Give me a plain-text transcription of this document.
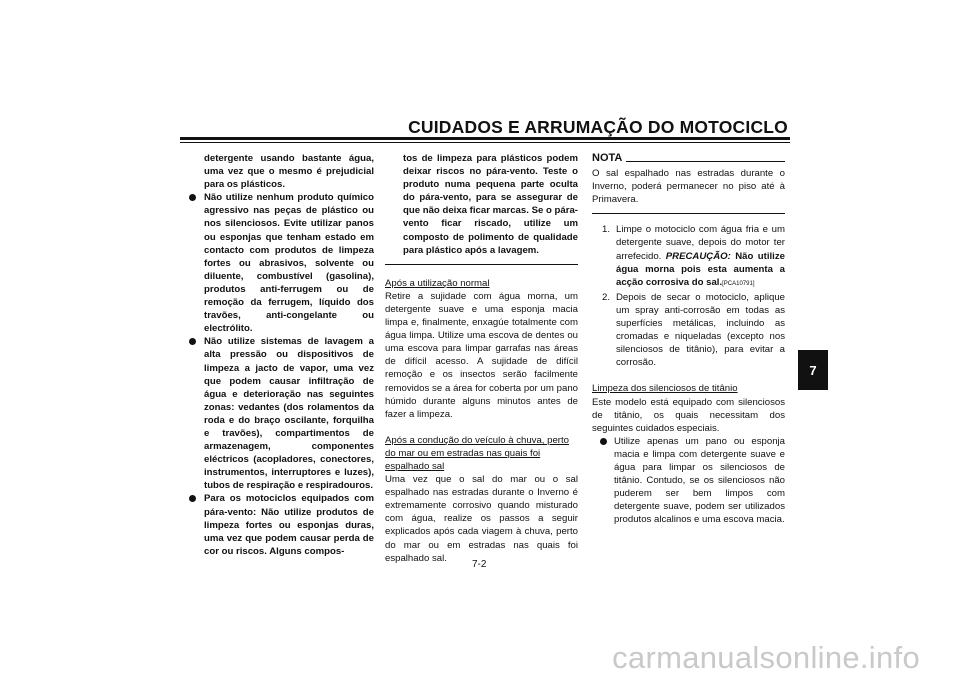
CUIDADOS E ARRUMAÇÃO DO MOTOCICLO

detergente usando bastante água, uma vez que o mesmo é prejudicial para os plásticos.

Não utilize nenhum produto químico agressivo nas peças de plástico ou nos silenciosos. Evite utilizar panos ou esponjas que tenham estado em contacto com produtos de limpeza fortes ou abrasivos, solvente ou diluente, combustível (gasolina), produtos anti-ferrugem ou de remoção da ferrugem, líquido dos travões, anti-congelante ou electrólito.

Não utilize sistemas de lavagem a alta pressão ou dispositivos de limpeza a jacto de vapor, uma vez que podem causar infiltração de água e deterioração nas seguintes zonas: vedantes (dos rolamentos da roda e do braço oscilante, forquilha e travões), compartimentos de armazenagem, componentes eléctricos (acopladores, conectores, instrumentos, interruptores e luzes), tubos de respiração e respiradouros.

Para os motociclos equipados com pára-vento: Não utilize produtos de limpeza fortes ou esponjas duras, uma vez que podem causar perda de cor ou riscos. Alguns compos-

tos de limpeza para plásticos podem deixar riscos no pára-vento. Teste o produto numa pequena parte oculta do pára-vento, para se assegurar de que não deixa ficar marcas. Se o pára-vento ficar riscado, utilize um composto de polimento de qualidade para plástico após a lavagem.

Após a utilização normal

Retire a sujidade com água morna, um detergente suave e uma esponja macia limpa e, finalmente, enxagúe totalmente com água limpa. Utilize uma escova de dentes ou uma escova para limpar garrafas nas áreas de difícil acesso. A sujidade de difícil remoção e os insectos serão facilmente removidos se a área for coberta por um pano húmido durante alguns minutos antes de fazer a limpeza.

Após a condução do veículo à chuva, perto do mar ou em estradas nas quais foi espalhado sal

Uma vez que o sal do mar ou o sal espalhado nas estradas durante o Inverno é extremamente corrosivo quando misturado com água, realize os passos a seguir explicados após cada viagem à chuva, perto do mar ou em estradas nas quais foi espalhado sal.

NOTA

O sal espalhado nas estradas durante o Inverno, poderá permanecer no piso até à Primavera.

1. Limpe o motociclo com água fria e um detergente suave, depois do motor ter arrefecido. PRECAUÇÃO: Não utilize água morna pois esta aumenta a acção corrosiva do sal.[PCA10791]

2. Depois de secar o motociclo, aplique um spray anti-corrosão em todas as superfícies metálicas, incluindo as cromadas e niqueladas (excepto nos silenciosos de titânio), para evitar a corrosão.

Limpeza dos silenciosos de titânio

Este modelo está equipado com silenciosos de titânio, os quais necessitam dos seguintes cuidados especiais.

Utilize apenas um pano ou esponja macia e limpa com detergente suave e água para limpar os silenciosos de titânio. Contudo, se os silenciosos não puderem ser bem limpos com detergente suave, podem ser utilizados produtos alcalinos e uma escova macia.

7-2
7
carmanualsonline.info
